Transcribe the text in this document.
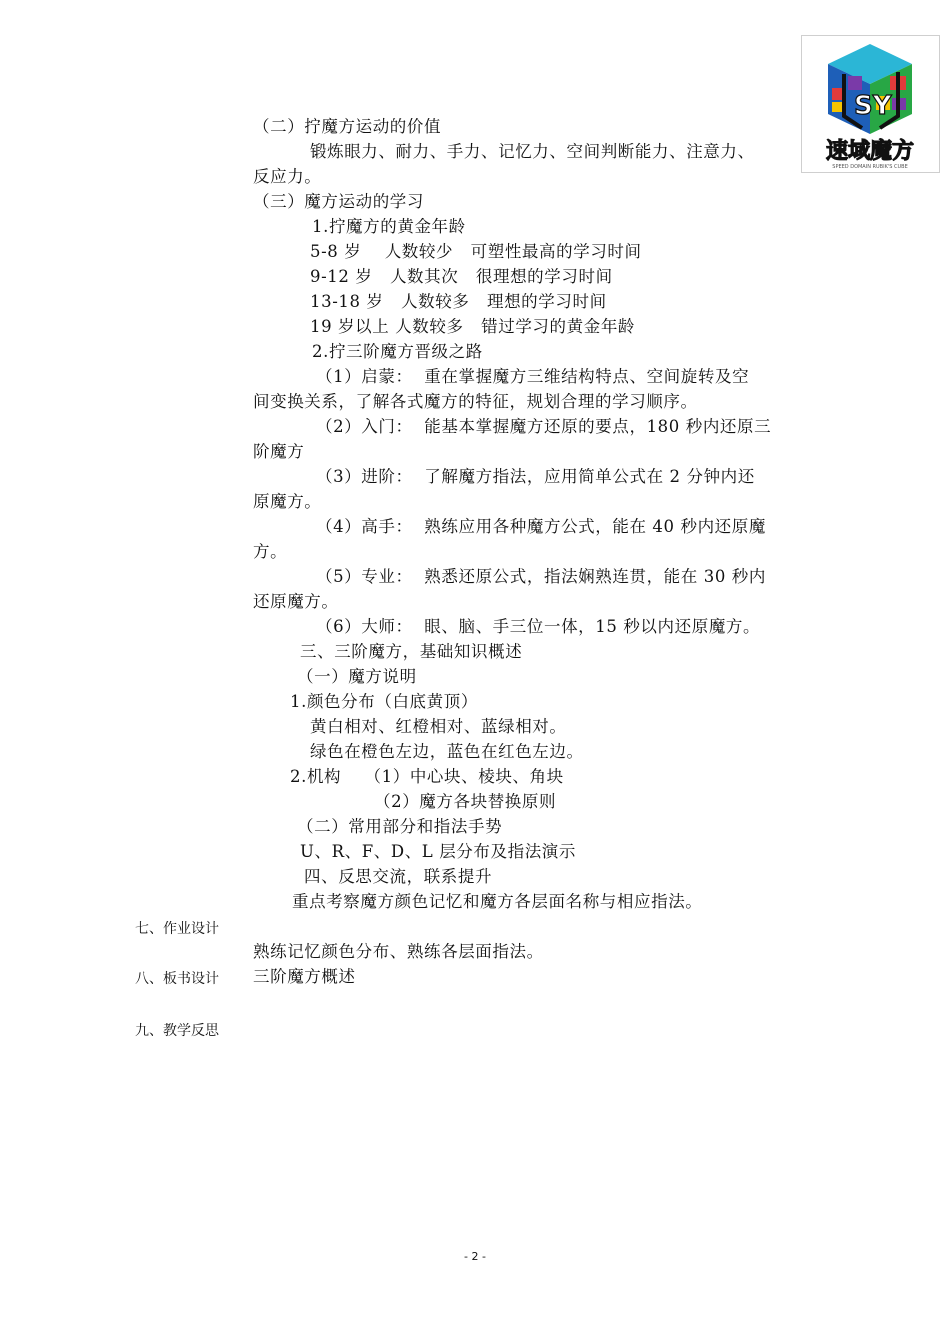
SY
速域魔方
SPEED DOMAIN RUBIK'S CUBE
（二）拧魔方运动的价值
锻炼眼力、耐力、手力、记忆力、空间判断能力、注意力、
反应力。
（三）魔方运动的学习
1.拧魔方的黄金年龄
5-8 岁    人数较少   可塑性最高的学习时间
9-12 岁   人数其次   很理想的学习时间
13-18 岁   人数较多   理想的学习时间
19 岁以上 人数较多   错过学习的黄金年龄
2.拧三阶魔方晋级之路
（1）启蒙：  重在掌握魔方三维结构特点、空间旋转及空
间变换关系，了解各式魔方的特征，规划合理的学习顺序。
（2）入门：  能基本掌握魔方还原的要点，180 秒内还原三
阶魔方
（3）进阶：  了解魔方指法，应用简单公式在 2 分钟内还
原魔方。
（4）高手：  熟练应用各种魔方公式，能在 40 秒内还原魔
方。
（5）专业：  熟悉还原公式，指法娴熟连贯，能在 30 秒内
还原魔方。
（6）大师：  眼、脑、手三位一体，15 秒以内还原魔方。
三、三阶魔方，基础知识概述
（一）魔方说明
1.颜色分布（白底黄顶）
黄白相对、红橙相对、蓝绿相对。
绿色在橙色左边，蓝色在红色左边。
2.机构    （1）中心块、棱块、角块
（2）魔方各块替换原则
（二）常用部分和指法手势
U、R、F、D、L 层分布及指法演示
四、反思交流，联系提升
重点考察魔方颜色记忆和魔方各层面名称与相应指法。
七、作业设计
熟练记忆颜色分布、熟练各层面指法。
八、板书设计 三阶魔方概述
九、教学反思
- 2 -
